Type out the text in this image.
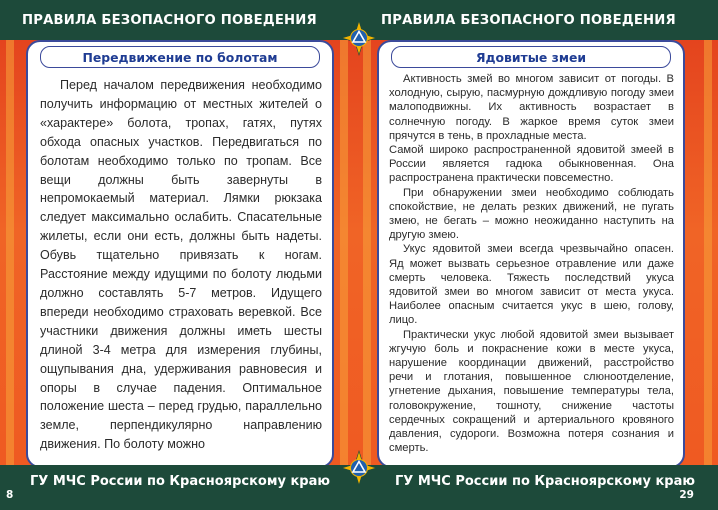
ПРАВИЛА БЕЗОПАСНОГО ПОВЕДЕНИЯ
Передвижение по болотам

Перед началом передвижения необходимо получить информацию от местных жителей о «характере» болота, тропах, гатях, путях обхода опасных участков. Передвигаться по болотам необходимо только по тропам. Все вещи должны быть завернуты в непромокаемый материал. Лямки рюкзака следует максимально ослабить. Спасательные жилеты, если они есть, должны быть надеты. Обувь тщательно привязать к ногам. Расстояние между идущими по болоту людьми должно составлять 5-7 метров. Идущего впереди необходимо страховать веревкой. Все участники движения должны иметь шесты длиной 3-4 метра для измерения глубины, ощупывания дна, удерживания равновесия и опоры в случае падения. Оптимальное положение шеста – перед грудью, параллельно земле, перпендикулярно направлению движения. По болоту можно

ГУ МЧС России по Красноярскому краю
8
ПРАВИЛА БЕЗОПАСНОГО ПОВЕДЕНИЯ
Ядовитые змеи

Активность змей во многом зависит от погоды. В холодную, сырую, пасмурную дождливую погоду змеи малоподвижны. Их активность возрастает в солнечную погоду. В жаркое время суток змеи прячутся в тень, в прохладные места.

Самой широко распространенной ядовитой змеей в России является гадюка обыкновенная. Она распространена практически повсеместно.

При обнаружении змеи необходимо соблюдать спокойствие, не делать резких движений, не пугать змею, не бегать – можно неожиданно наступить на другую змею.

Укус ядовитой змеи всегда чрезвычайно опасен. Яд может вызвать серьезное отравление или даже смерть человека. Тяжесть последствий укуса ядовитой змеи во многом зависит от места укуса. Наиболее опасным считается укус в шею, голову, лицо.

Практически укус любой ядовитой змеи вызывает жгучую боль и покраснение кожи в месте укуса, нарушение координации движений, расстройство речи и глотания, повышенное слюноотделение, угнетение дыхания, повышение температуры тела, головокружение, тошноту, снижение частоты сердечных сокращений и артериального кровяного давления, судороги. Возможна потеря сознания и смерть.

ГУ МЧС России по Красноярскому краю
29
